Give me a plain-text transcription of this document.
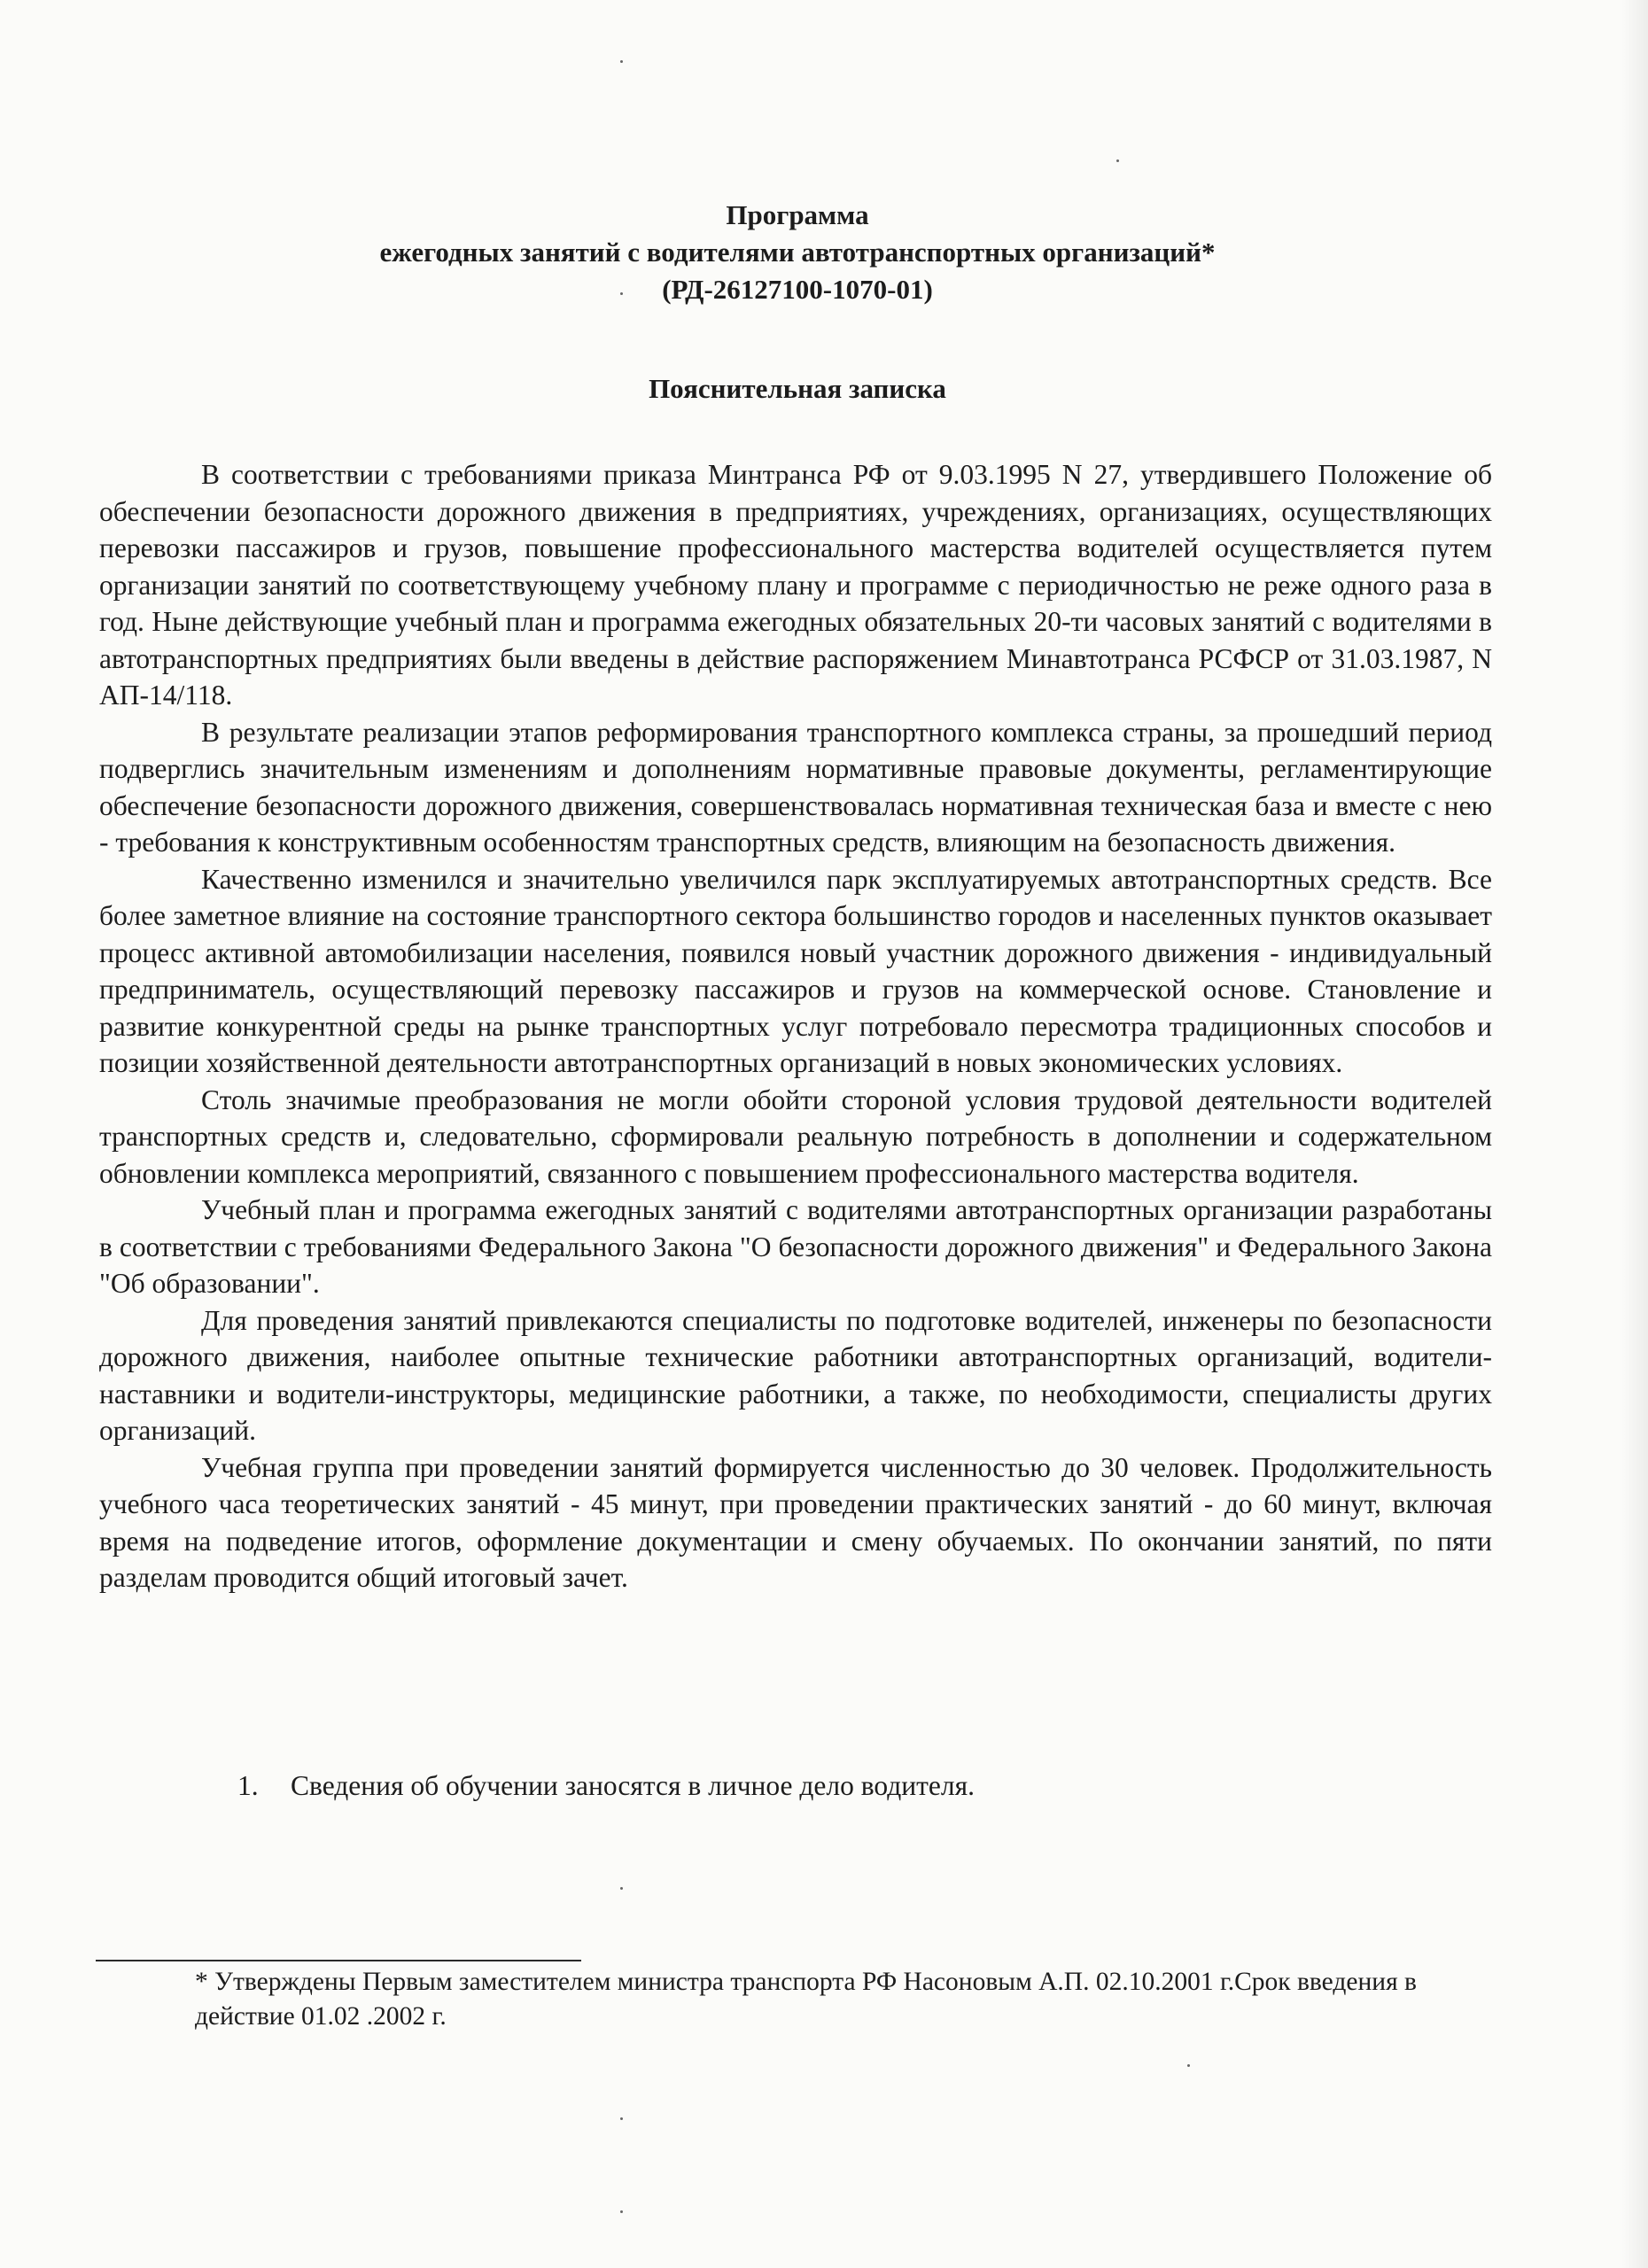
Программа
ежегодных занятий с водителями автотранспортных организаций*
(РД-26127100-1070-01)
Пояснительная записка

В соответствии с требованиями приказа Минтранса РФ от 9.03.1995 N 27, утвердившего Положение об обеспечении безопасности дорожного движения в предприятиях, учреждениях, организациях, осуществляющих перевозки пассажиров и грузов, повышение профессионального мастерства водителей осуществляется путем организации занятий по соответствующему учебному плану и программе с периодичностью не реже одного раза в год. Ныне действующие учебный план и программа ежегодных обязательных 20-ти часовых занятий с водителями в автотранспортных предприятиях были введены в действие распоряжением Минавтотранса РСФСР от 31.03.1987, N АП-14/118.

В результате реализации этапов реформирования транспортного комплекса страны, за прошедший период подверглись значительным изменениям и дополнениям нормативные правовые документы, регламентирующие обеспечение безопасности дорожного движения, совершенствовалась нормативная техническая база и вместе с нею - требования к конструктивным особенностям транспортных средств, влияющим на безопасность движения.

Качественно изменился и значительно увеличился парк эксплуатируемых автотранспортных средств. Все более заметное влияние на состояние транспортного сектора большинство городов и населенных пунктов оказывает процесс активной автомобилизации населения, появился новый участник дорожного движения - индивидуальный предприниматель, осуществляющий перевозку пассажиров и грузов на коммерческой основе. Становление и развитие конкурентной среды на рынке транспортных услуг потребовало пересмотра традиционных способов и позиции хозяйственной деятельности автотранспортных организаций в новых экономических условиях.

Столь значимые преобразования не могли обойти стороной условия трудовой деятельности водителей транспортных средств и, следовательно, сформировали реальную потребность в дополнении и содержательном обновлении комплекса мероприятий, связанного с повышением профессионального мастерства водителя.

Учебный план и программа ежегодных занятий с водителями автотранспортных организации разработаны в соответствии с требованиями Федерального Закона "О безопасности дорожного движения" и Федерального Закона "Об образовании".

Для проведения занятий привлекаются специалисты по подготовке водителей, инженеры по безопасности дорожного движения, наиболее опытные технические работники автотранспортных организаций, водители-наставники и водители-инструкторы, медицинские работники, а также, по необходимости, специалисты других организаций.

Учебная группа при проведении занятий формируется численностью до 30 человек. Продолжительность учебного часа теоретических занятий - 45 минут, при проведении практических занятий - до 60 минут, включая время на подведение итогов, оформление документации и смену обучаемых. По окончании занятий, по пяти разделам проводится общий итоговый зачет.

1. Сведения об обучении заносятся в личное дело водителя.
* Утверждены Первым заместителем министра транспорта РФ Насоновым А.П. 02.10.2001 г.Срок введения в действие 01.02 .2002 г.
